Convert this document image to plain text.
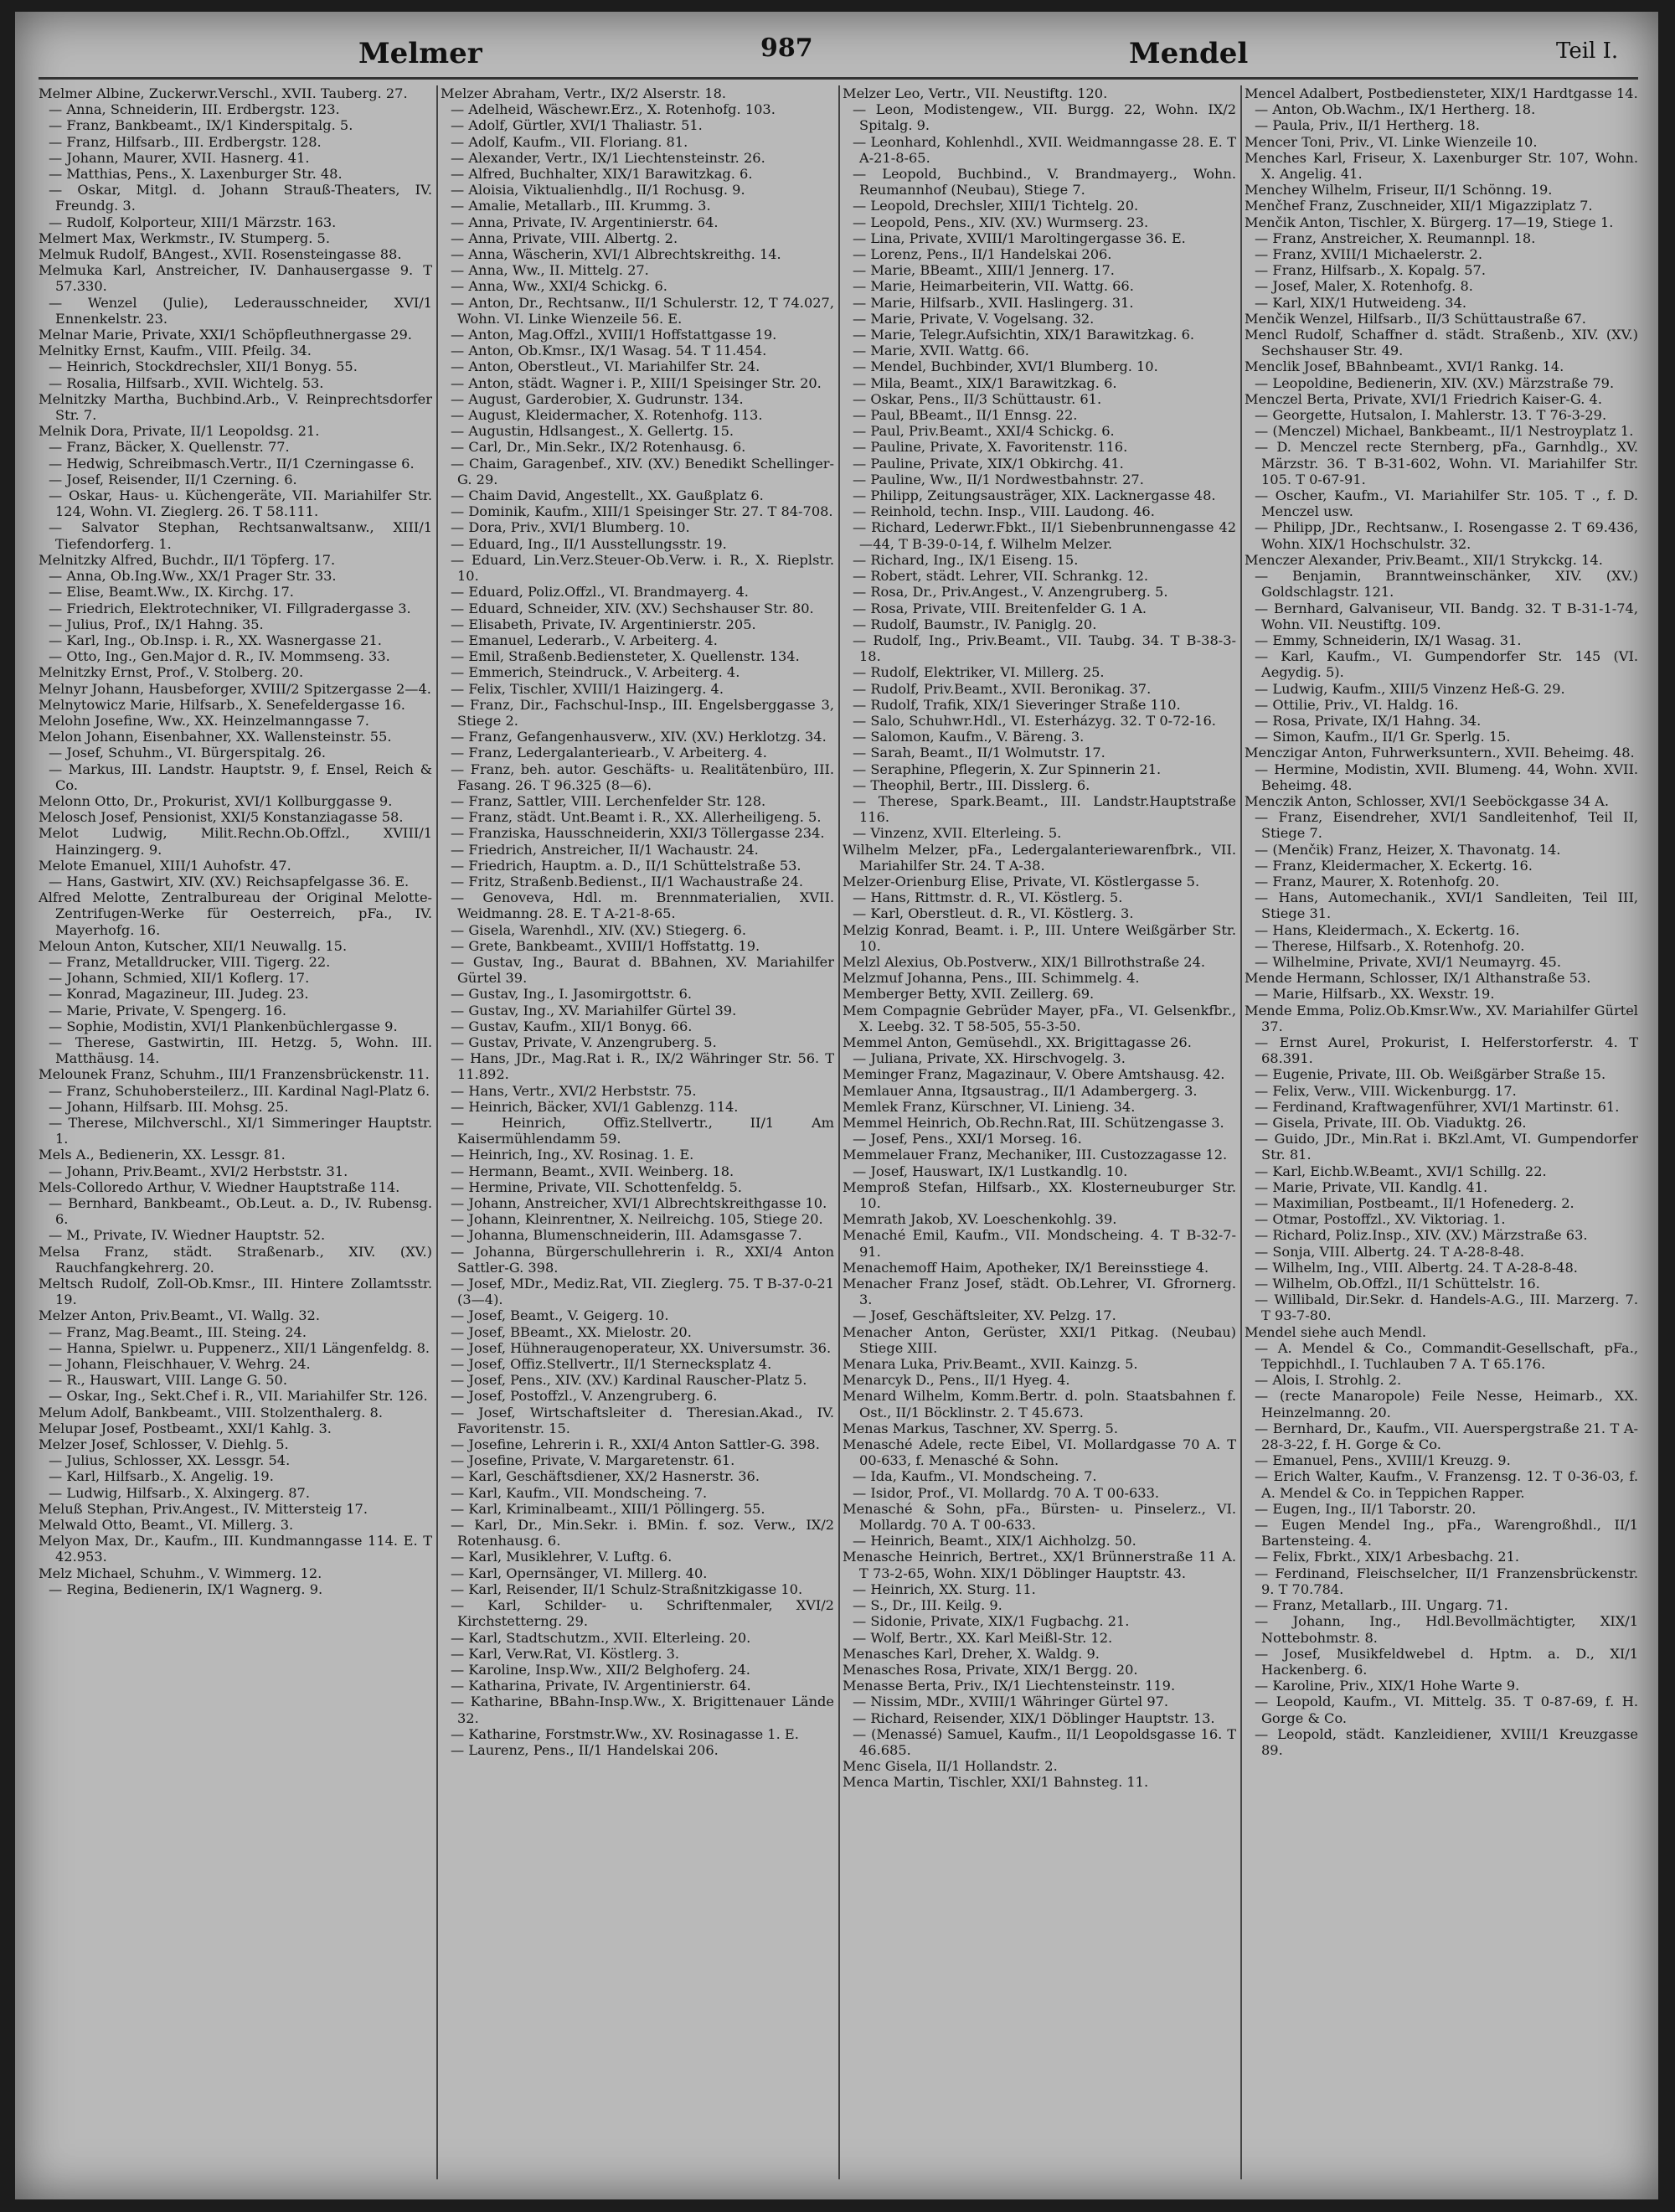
Melmer	987	Mendel	Teil I.

Melmer Albine, Zuckerwr.Verschl., XVII. Tauberg. 27.

— Anna, Schneiderin, III. Erdbergstr. 123.

— Franz, Bankbeamt., IX/1 Kinderspitalg. 5.

— Franz, Hilfsarb., III. Erdbergstr. 128.

— Johann, Maurer, XVII. Hasnerg. 41.

— Matthias, Pens., X. Laxenburger Str. 48.

— Oskar, Mitgl. d. Johann Strauß-Theaters, IV. Freundg. 3.

— Rudolf, Kolporteur, XIII/1 Märzstr. 163.

Melmert Max, Werkmstr., IV. Stumperg. 5.

Melmuk Rudolf, BAngest., XVII. Rosensteingasse 88.

Melmuka Karl, Anstreicher, IV. Danhausergasse 9. T 57.330.

— Wenzel (Julie), Lederausschneider, XVI/1 Ennenkelstr. 23.

Melnar Marie, Private, XXI/1 Schöpfleuthnergasse 29.

Melnitky Ernst, Kaufm., VIII. Pfeilg. 34.

— Heinrich, Stockdrechsler, XII/1 Bonyg. 55.

— Rosalia, Hilfsarb., XVII. Wichtelg. 53.

Melnitzky Martha, Buchbind.Arb., V. Reinprechtsdorfer Str. 7.

Melnik Dora, Private, II/1 Leopoldsg. 21.

— Franz, Bäcker, X. Quellenstr. 77.

— Hedwig, Schreibmasch.Vertr., II/1 Czerningasse 6.

— Josef, Reisender, II/1 Czerning. 6.

— Oskar, Haus- u. Küchengeräte, VII. Mariahilfer Str. 124, Wohn. VI. Zieglerg. 26. T 58.111.

— Salvator Stephan, Rechtsanwaltsanw., XIII/1 Tiefendorferg. 1.

Melnitzky Alfred, Buchdr., II/1 Töpferg. 17.

— Anna, Ob.Ing.Ww., XX/1 Prager Str. 33.

— Elise, Beamt.Ww., IX. Kirchg. 17.

— Friedrich, Elektrotechniker, VI. Fillgradergasse 3.

— Julius, Prof., IX/1 Hahng. 35.

— Karl, Ing., Ob.Insp. i. R., XX. Wasnergasse 21.

— Otto, Ing., Gen.Major d. R., IV. Mommseng. 33.

Melnitzky Ernst, Prof., V. Stolberg. 20.

Melnyr Johann, Hausbeforger, XVIII/2 Spitzergasse 2—4.

Melnytowicz Marie, Hilfsarb., X. Senefeldergasse 16.

Melohn Josefine, Ww., XX. Heinzelmanngasse 7.

Melon Johann, Eisenbahner, XX. Wallensteinstr. 55.

— Josef, Schuhm., VI. Bürgerspitalg. 26.

— Markus, III. Landstr. Hauptstr. 9, f. Ensel, Reich & Co.

Melonn Otto, Dr., Prokurist, XVI/1 Kollburggasse 9.

Melosch Josef, Pensionist, XXI/5 Konstanziagasse 58.

Melot Ludwig, Milit.Rechn.Ob.Offzl., XVIII/1 Hainzingerg. 9.

Melote Emanuel, XIII/1 Auhofstr. 47.

— Hans, Gastwirt, XIV. (XV.) Reichsapfelgasse 36. E.

Alfred Melotte, Zentralbureau der Original Melotte-Zentrifugen-Werke für Oesterreich, pFa., IV. Mayerhofg. 16.

Meloun Anton, Kutscher, XII/1 Neuwallg. 15.

— Franz, Metalldrucker, VIII. Tigerg. 22.

— Johann, Schmied, XII/1 Koflerg. 17.

— Konrad, Magazineur, III. Judeg. 23.

— Marie, Private, V. Spengerg. 16.

— Sophie, Modistin, XVI/1 Plankenbüchlergasse 9.

— Therese, Gastwirtin, III. Hetzg. 5, Wohn. III. Matthäusg. 14.

Melounek Franz, Schuhm., III/1 Franzensbrückenstr. 11.

— Franz, Schuhobersteilerz., III. Kardinal Nagl-Platz 6.

— Johann, Hilfsarb. III. Mohsg. 25.

— Therese, Milchverschl., XI/1 Simmeringer Hauptstr. 1.

Mels A., Bedienerin, XX. Lessgr. 81.

— Johann, Priv.Beamt., XVI/2 Herbststr. 31.

Mels-Colloredo Arthur, V. Wiedner Hauptstraße 114.

— Bernhard, Bankbeamt., Ob.Leut. a. D., IV. Rubensg. 6.

— M., Private, IV. Wiedner Hauptstr. 52.

Melsa Franz, städt. Straßenarb., XIV. (XV.) Rauchfangkehrerg. 20.

Meltsch Rudolf, Zoll-Ob.Kmsr., III. Hintere Zollamtsstr. 19.

Melzer Anton, Priv.Beamt., VI. Wallg. 32.

— Franz, Mag.Beamt., III. Steing. 24.

— Hanna, Spielwr. u. Puppenerz., XII/1 Längenfeldg. 8.

— Johann, Fleischhauer, V. Wehrg. 24.

— R., Hauswart, VIII. Lange G. 50.

— Oskar, Ing., Sekt.Chef i. R., VII. Mariahilfer Str. 126.

Melum Adolf, Bankbeamt., VIII. Stolzenthalerg. 8.

Melupar Josef, Postbeamt., XXI/1 Kahlg. 3.

Melzer Josef, Schlosser, V. Diehlg. 5.

— Julius, Schlosser, XX. Lessgr. 54.

— Karl, Hilfsarb., X. Angelig. 19.

— Ludwig, Hilfsarb., X. Alxingerg. 87.

Meluß Stephan, Priv.Angest., IV. Mittersteig 17.

Melwald Otto, Beamt., VI. Millerg. 3.

Melyon Max, Dr., Kaufm., III. Kundmanngasse 114. E. T 42.953.

Melz Michael, Schuhm., V. Wimmerg. 12.

— Regina, Bedienerin, IX/1 Wagnerg. 9.

Melzer Abraham, Vertr., IX/2 Alserstr. 18.

— Adelheid, Wäschewr.Erz., X. Rotenhofg. 103.

— Adolf, Gürtler, XVI/1 Thaliastr. 51.

— Adolf, Kaufm., VII. Floriang. 81.

— Alexander, Vertr., IX/1 Liechtensteinstr. 26.

— Alfred, Buchhalter, XIX/1 Barawitzkag. 6.

— Aloisia, Viktualienhdlg., II/1 Rochusg. 9.

— Amalie, Metallarb., III. Krummg. 3.

— Anna, Private, IV. Argentinierstr. 64.

— Anna, Private, VIII. Albertg. 2.

— Anna, Wäscherin, XVI/1 Albrechtskreithg. 14.

— Anna, Ww., II. Mittelg. 27.

— Anna, Ww., XXI/4 Schickg. 6.

— Anton, Dr., Rechtsanw., II/1 Schulerstr. 12, T 74.027, Wohn. VI. Linke Wienzeile 56. E.

— Anton, Mag.Offzl., XVIII/1 Hoffstattgasse 19.

— Anton, Ob.Kmsr., IX/1 Wasag. 54. T 11.454.

— Anton, Oberstleut., VI. Mariahilfer Str. 24.

— Anton, städt. Wagner i. P., XIII/1 Speisinger Str. 20.

— August, Garderobier, X. Gudrunstr. 134.

— August, Kleidermacher, X. Rotenhofg. 113.

— Augustin, Hdlsangest., X. Gellertg. 15.

— Carl, Dr., Min.Sekr., IX/2 Rotenhausg. 6.

— Chaim, Garagenbef., XIV. (XV.) Benedikt Schellinger-G. 29.

— Chaim David, Angestellt., XX. Gaußplatz 6.

— Dominik, Kaufm., XIII/1 Speisinger Str. 27. T 84-708.

— Dora, Priv., XVI/1 Blumberg. 10.

— Eduard, Ing., II/1 Ausstellungsstr. 19.

— Eduard, Lin.Verz.Steuer-Ob.Verw. i. R., X. Rieplstr. 10.

— Eduard, Poliz.Offzl., VI. Brandmayerg. 4.

— Eduard, Schneider, XIV. (XV.) Sechshauser Str. 80.

— Elisabeth, Private, IV. Argentinierstr. 205.

— Emanuel, Lederarb., V. Arbeiterg. 4.

— Emil, Straßenb.Bediensteter, X. Quellenstr. 134.

— Emmerich, Steindruck., V. Arbeiterg. 4.

— Felix, Tischler, XVIII/1 Haizingerg. 4.

— Franz, Dir., Fachschul-Insp., III. Engelsberggasse 3, Stiege 2.

— Franz, Gefangenhausverw., XIV. (XV.) Herklotzg. 34.

— Franz, Ledergalanteriearb., V. Arbeiterg. 4.

— Franz, beh. autor. Geschäfts- u. Realitätenbüro, III. Fasang. 26. T 96.325 (8—6).

— Franz, Sattler, VIII. Lerchenfelder Str. 128.

— Franz, städt. Unt.Beamt i. R., XX. Allerheiligeng. 5.

— Franziska, Hausschneiderin, XXI/3 Töllergasse 234.

— Friedrich, Anstreicher, II/1 Wachaustr. 24.

— Friedrich, Hauptm. a. D., II/1 Schüttelstraße 53.

— Fritz, Straßenb.Bedienst., II/1 Wachaustraße 24.

— Genoveva, Hdl. m. Brennmaterialien, XVII. Weidmanng. 28. E. T A-21-8-65.

— Gisela, Warenhdl., XIV. (XV.) Stiegerg. 6.

— Grete, Bankbeamt., XVIII/1 Hoffstattg. 19.

— Gustav, Ing., Baurat d. BBahnen, XV. Mariahilfer Gürtel 39.

— Gustav, Ing., I. Jasomirgottstr. 6.

— Gustav, Ing., XV. Mariahilfer Gürtel 39.

— Gustav, Kaufm., XII/1 Bonyg. 66.

— Gustav, Private, V. Anzengruberg. 5.

— Hans, JDr., Mag.Rat i. R., IX/2 Währinger Str. 56. T 11.892.

— Hans, Vertr., XVI/2 Herbststr. 75.

— Heinrich, Bäcker, XVI/1 Gablenzg. 114.

— Heinrich, Offiz.Stellvertr., II/1 Am Kaisermühlendamm 59.

— Heinrich, Ing., XV. Rosinag. 1. E.

— Hermann, Beamt., XVII. Weinberg. 18.

— Hermine, Private, VII. Schottenfeldg. 5.

— Johann, Anstreicher, XVI/1 Albrechtskreithgasse 10.

— Johann, Kleinrentner, X. Neilreichg. 105, Stiege 20.

— Johanna, Blumenschneiderin, III. Adamsgasse 7.

— Johanna, Bürgerschullehrerin i. R., XXI/4 Anton Sattler-G. 398.

— Josef, MDr., Mediz.Rat, VII. Zieglerg. 75. T B-37-0-21 (3—4).

— Josef, Beamt., V. Geigerg. 10.

— Josef, BBeamt., XX. Mielostr. 20.

— Josef, Hühneraugenoperateur, XX. Universumstr. 36.

— Josef, Offiz.Stellvertr., II/1 Sternecksplatz 4.

— Josef, Pens., XIV. (XV.) Kardinal Rauscher-Platz 5.

— Josef, Postoffzl., V. Anzengruberg. 6.

— Josef, Wirtschaftsleiter d. Theresian.Akad., IV. Favoritenstr. 15.

— Josefine, Lehrerin i. R., XXI/4 Anton Sattler-G. 398.

— Josefine, Private, V. Margaretenstr. 61.

— Karl, Geschäftsdiener, XX/2 Hasnerstr. 36.

— Karl, Kaufm., VII. Mondscheing. 7.

— Karl, Kriminalbeamt., XIII/1 Pöllingerg. 55.

— Karl, Dr., Min.Sekr. i. BMin. f. soz. Verw., IX/2 Rotenhausg. 6.

— Karl, Musiklehrer, V. Luftg. 6.

— Karl, Opernsänger, VI. Millerg. 40.

— Karl, Reisender, II/1 Schulz-Straßnitzkigasse 10.

— Karl, Schilder- u. Schriftenmaler, XVI/2 Kirchstetterng. 29.

— Karl, Stadtschutzm., XVII. Elterleing. 20.

— Karl, Verw.Rat, VI. Köstlerg. 3.

— Karoline, Insp.Ww., XII/2 Belghoferg. 24.

— Katharina, Private, IV. Argentinierstr. 64.

— Katharine, BBahn-Insp.Ww., X. Brigittenauer Lände 32.

— Katharine, Forstmstr.Ww., XV. Rosinagasse 1. E.

— Laurenz, Pens., II/1 Handelskai 206.

Melzer Leo, Vertr., VII. Neustiftg. 120.

— Leon, Modistengew., VII. Burgg. 22, Wohn. IX/2 Spitalg. 9.

— Leonhard, Kohlenhdl., XVII. Weidmanngasse 28. E. T A-21-8-65.

— Leopold, Buchbind., V. Brandmayerg., Wohn. Reumannhof (Neubau), Stiege 7.

— Leopold, Drechsler, XIII/1 Tichtelg. 20.

— Leopold, Pens., XIV. (XV.) Wurmserg. 23.

— Lina, Private, XVIII/1 Maroltingergasse 36. E.

— Lorenz, Pens., II/1 Handelskai 206.

— Marie, BBeamt., XIII/1 Jennerg. 17.

— Marie, Heimarbeiterin, VII. Wattg. 66.

— Marie, Hilfsarb., XVII. Haslingerg. 31.

— Marie, Private, V. Vogelsang. 32.

— Marie, Telegr.Aufsichtin, XIX/1 Barawitzkag. 6.

— Marie, XVII. Wattg. 66.

— Mendel, Buchbinder, XVI/1 Blumberg. 10.

— Mila, Beamt., XIX/1 Barawitzkag. 6.

— Oskar, Pens., II/3 Schüttaustr. 61.

— Paul, BBeamt., II/1 Ennsg. 22.

— Paul, Priv.Beamt., XXI/4 Schickg. 6.

— Pauline, Private, X. Favoritenstr. 116.

— Pauline, Private, XIX/1 Obkirchg. 41.

— Pauline, Ww., II/1 Nordwestbahnstr. 27.

— Philipp, Zeitungsausträger, XIX. Lacknergasse 48.

— Reinhold, techn. Insp., VIII. Laudong. 46.

— Richard, Lederwr.Fbkt., II/1 Siebenbrunnengasse 42—44, T B-39-0-14, f. Wilhelm Melzer.

— Richard, Ing., IX/1 Eiseng. 15.

— Robert, städt. Lehrer, VII. Schrankg. 12.

— Rosa, Dr., Priv.Angest., V. Anzengruberg. 5.

— Rosa, Private, VIII. Breitenfelder G. 1 A.

— Rudolf, Baumstr., IV. Paniglg. 20.

— Rudolf, Ing., Priv.Beamt., VII. Taubg. 34. T B-38-3-18.

— Rudolf, Elektriker, VI. Millerg. 25.

— Rudolf, Priv.Beamt., XVII. Beronikag. 37.

— Rudolf, Trafik, XIX/1 Sieveringer Straße 110.

— Salo, Schuhwr.Hdl., VI. Esterházyg. 32. T 0-72-16.

— Salomon, Kaufm., V. Bäreng. 3.

— Sarah, Beamt., II/1 Wolmutstr. 17.

— Seraphine, Pflegerin, X. Zur Spinnerin 21.

— Theophil, Bertr., III. Disslerg. 6.

— Therese, Spark.Beamt., III. Landstr.Hauptstraße 116.

— Vinzenz, XVII. Elterleing. 5.

Wilhelm Melzer, pFa., Ledergalanteriewarenfbrk., VII. Mariahilfer Str. 24. T A-38.

Melzer-Orienburg Elise, Private, VI. Köstlergasse 5.

— Hans, Rittmstr. d. R., VI. Köstlerg. 5.

— Karl, Oberstleut. d. R., VI. Köstlerg. 3.

Melzig Konrad, Beamt. i. P., III. Untere Weißgärber Str. 10.

Melzl Alexius, Ob.Postverw., XIX/1 Billrothstraße 24.

Melzmuf Johanna, Pens., III. Schimmelg. 4.

Memberger Betty, XVII. Zeillerg. 69.

Mem Compagnie Gebrüder Mayer, pFa., VI. Gelsenkfbr., X. Leebg. 32. T 58-505, 55-3-50.

Memmel Anton, Gemüsehdl., XX. Brigittagasse 26.

— Juliana, Private, XX. Hirschvogelg. 3.

Meminger Franz, Magazinaur, V. Obere Amtshausg. 42.

Memlauer Anna, Itgsaustrag., II/1 Adambergerg. 3.

Memlek Franz, Kürschner, VI. Linieng. 34.

Memmel Heinrich, Ob.Rechn.Rat, III. Schützengasse 3.

— Josef, Pens., XXI/1 Morseg. 16.

Memmelauer Franz, Mechaniker, III. Custozzagasse 12.

— Josef, Hauswart, IX/1 Lustkandlg. 10.

Memproß Stefan, Hilfsarb., XX. Klosterneuburger Str. 10.

Memrath Jakob, XV. Loeschenkohlg. 39.

Menaché Emil, Kaufm., VII. Mondscheing. 4. T B-32-7-91.

Menachemoff Haim, Apotheker, IX/1 Bereinsstiege 4.

Menacher Franz Josef, städt. Ob.Lehrer, VI. Gfrornerg. 3.

— Josef, Geschäftsleiter, XV. Pelzg. 17.

Menacher Anton, Gerüster, XXI/1 Pitkag. (Neubau) Stiege XIII.

Menara Luka, Priv.Beamt., XVII. Kainzg. 5.

Menarcyk D., Pens., II/1 Hyeg. 4.

Menard Wilhelm, Komm.Bertr. d. poln. Staatsbahnen f. Ost., II/1 Böcklinstr. 2. T 45.673.

Menas Markus, Taschner, XV. Sperrg. 5.

Menasché Adele, recte Eibel, VI. Mollardgasse 70 A. T 00-633, f. Menasché & Sohn.

— Ida, Kaufm., VI. Mondscheing. 7.

— Isidor, Prof., VI. Mollardg. 70 A. T 00-633.

Menasché & Sohn, pFa., Bürsten- u. Pinselerz., VI. Mollardg. 70 A. T 00-633.

— Heinrich, Beamt., XIX/1 Aichholzg. 50.

Menasche Heinrich, Bertret., XX/1 Brünnerstraße 11 A. T 73-2-65, Wohn. XIX/1 Döblinger Hauptstr. 43.

— Heinrich, XX. Sturg. 11.

— S., Dr., III. Keilg. 9.

— Sidonie, Private, XIX/1 Fugbachg. 21.

— Wolf, Bertr., XX. Karl Meißl-Str. 12.

Menasches Karl, Dreher, X. Waldg. 9.

Menasches Rosa, Private, XIX/1 Bergg. 20.

Menasse Berta, Priv., IX/1 Liechtensteinstr. 119.

— Nissim, MDr., XVIII/1 Währinger Gürtel 97.

— Richard, Reisender, XIX/1 Döblinger Hauptstr. 13.

— (Menassé) Samuel, Kaufm., II/1 Leopoldsgasse 16. T 46.685.

Menc Gisela, II/1 Hollandstr. 2.

Menca Martin, Tischler, XXI/1 Bahnsteg. 11.

Mencel Adalbert, Postbediensteter, XIX/1 Hardtgasse 14.

— Anton, Ob.Wachm., IX/1 Hertherg. 18.

— Paula, Priv., II/1 Hertherg. 18.

Mencer Toni, Priv., VI. Linke Wienzeile 10.

Menches Karl, Friseur, X. Laxenburger Str. 107, Wohn. X. Angelig. 41.

Menchey Wilhelm, Friseur, II/1 Schönng. 19.

Menčhef Franz, Zuschneider, XII/1 Migazziplatz 7.

Menčik Anton, Tischler, X. Bürgerg. 17—19, Stiege 1.

— Franz, Anstreicher, X. Reumannpl. 18.

— Franz, XVIII/1 Michaelerstr. 2.

— Franz, Hilfsarb., X. Kopalg. 57.

— Josef, Maler, X. Rotenhofg. 8.

— Karl, XIX/1 Hutweideng. 34.

Menčik Wenzel, Hilfsarb., II/3 Schüttaustraße 67.

Mencl Rudolf, Schaffner d. städt. Straßenb., XIV. (XV.) Sechshauser Str. 49.

Menclik Josef, BBahnbeamt., XVI/1 Rankg. 14.

— Leopoldine, Bedienerin, XIV. (XV.) Märzstraße 79.

Menczel Berta, Private, XVI/1 Friedrich Kaiser-G. 4.

— Georgette, Hutsalon, I. Mahlerstr. 13. T 76-3-29.

— (Menczel) Michael, Bankbeamt., II/1 Nestroyplatz 1.

— D. Menczel recte Sternberg, pFa., Garnhdlg., XV. Märzstr. 36. T B-31-602, Wohn. VI. Mariahilfer Str. 105. T 0-67-91.

— Oscher, Kaufm., VI. Mariahilfer Str. 105. T ., f. D. Menczel usw.

— Philipp, JDr., Rechtsanw., I. Rosengasse 2. T 69.436, Wohn. XIX/1 Hochschulstr. 32.

Menczer Alexander, Priv.Beamt., XII/1 Strykckg. 14.

— Benjamin, Branntweinschänker, XIV. (XV.) Goldschlagstr. 121.

— Bernhard, Galvaniseur, VII. Bandg. 32. T B-31-1-74, Wohn. VII. Neustiftg. 109.

— Emmy, Schneiderin, IX/1 Wasag. 31.

— Karl, Kaufm., VI. Gumpendorfer Str. 145 (VI. Aegydig. 5).

— Ludwig, Kaufm., XIII/5 Vinzenz Heß-G. 29.

— Ottilie, Priv., VI. Haldg. 16.

— Rosa, Private, IX/1 Hahng. 34.

— Simon, Kaufm., II/1 Gr. Sperlg. 15.

Menczigar Anton, Fuhrwerksuntern., XVII. Beheimg. 48.

— Hermine, Modistin, XVII. Blumeng. 44, Wohn. XVII. Beheimg. 48.

Menczik Anton, Schlosser, XVI/1 Seeböckgasse 34 A.

— Franz, Eisendreher, XVI/1 Sandleitenhof, Teil II, Stiege 7.

— (Menčik) Franz, Heizer, X. Thavonatg. 14.

— Franz, Kleidermacher, X. Eckertg. 16.

— Franz, Maurer, X. Rotenhofg. 20.

— Hans, Automechanik., XVI/1 Sandleiten, Teil III, Stiege 31.

— Hans, Kleidermach., X. Eckertg. 16.

— Therese, Hilfsarb., X. Rotenhofg. 20.

— Wilhelmine, Private, XVI/1 Neumayrg. 45.

Mende Hermann, Schlosser, IX/1 Althanstraße 53.

— Marie, Hilfsarb., XX. Wexstr. 19.

Mende Emma, Poliz.Ob.Kmsr.Ww., XV. Mariahilfer Gürtel 37.

— Ernst Aurel, Prokurist, I. Helferstorferstr. 4. T 68.391.

— Eugenie, Private, III. Ob. Weißgärber Straße 15.

— Felix, Verw., VIII. Wickenburgg. 17.

— Ferdinand, Kraftwagenführer, XVI/1 Martinstr. 61.

— Gisela, Private, III. Ob. Viaduktg. 26.

— Guido, JDr., Min.Rat i. BKzl.Amt, VI. Gumpendorfer Str. 81.

— Karl, Eichb.W.Beamt., XVI/1 Schillg. 22.

— Marie, Private, VII. Kandlg. 41.

— Maximilian, Postbeamt., II/1 Hofenederg. 2.

— Otmar, Postoffzl., XV. Viktoriag. 1.

— Richard, Poliz.Insp., XIV. (XV.) Märzstraße 63.

— Sonja, VIII. Albertg. 24. T A-28-8-48.

— Wilhelm, Ing., VIII. Albertg. 24. T A-28-8-48.

— Wilhelm, Ob.Offzl., II/1 Schüttelstr. 16.

— Willibald, Dir.Sekr. d. Handels-A.G., III. Marzerg. 7. T 93-7-80.

Mendel siehe auch Mendl.

— A. Mendel & Co., Commandit-Gesellschaft, pFa., Teppichhdl., I. Tuchlauben 7 A. T 65.176.

— Alois, I. Strohlg. 2.

— (recte Manaropole) Feile Nesse, Heimarb., XX. Heinzelmanng. 20.

— Bernhard, Dr., Kaufm., VII. Auerspergstraße 21. T A-28-3-22, f. H. Gorge & Co.

— Emanuel, Pens., XVIII/1 Kreuzg. 9.

— Erich Walter, Kaufm., V. Franzensg. 12. T 0-36-03, f. A. Mendel & Co. in Teppichen Rapper.

— Eugen, Ing., II/1 Taborstr. 20.

— Eugen Mendel Ing., pFa., Warengroßhdl., II/1 Bartensteing. 4.

— Felix, Fbrkt., XIX/1 Arbesbachg. 21.

— Ferdinand, Fleischselcher, II/1 Franzensbrückenstr. 9. T 70.784.

— Franz, Metallarb., III. Ungarg. 71.

— Johann, Ing., Hdl.Bevollmächtigter, XIX/1 Nottebohmstr. 8.

— Josef, Musikfeldwebel d. Hptm. a. D., XI/1 Hackenberg. 6.

— Karoline, Priv., XIX/1 Hohe Warte 9.

— Leopold, Kaufm., VI. Mittelg. 35. T 0-87-69, f. H. Gorge & Co.

— Leopold, städt. Kanzleidiener, XVIII/1 Kreuzgasse 89.
